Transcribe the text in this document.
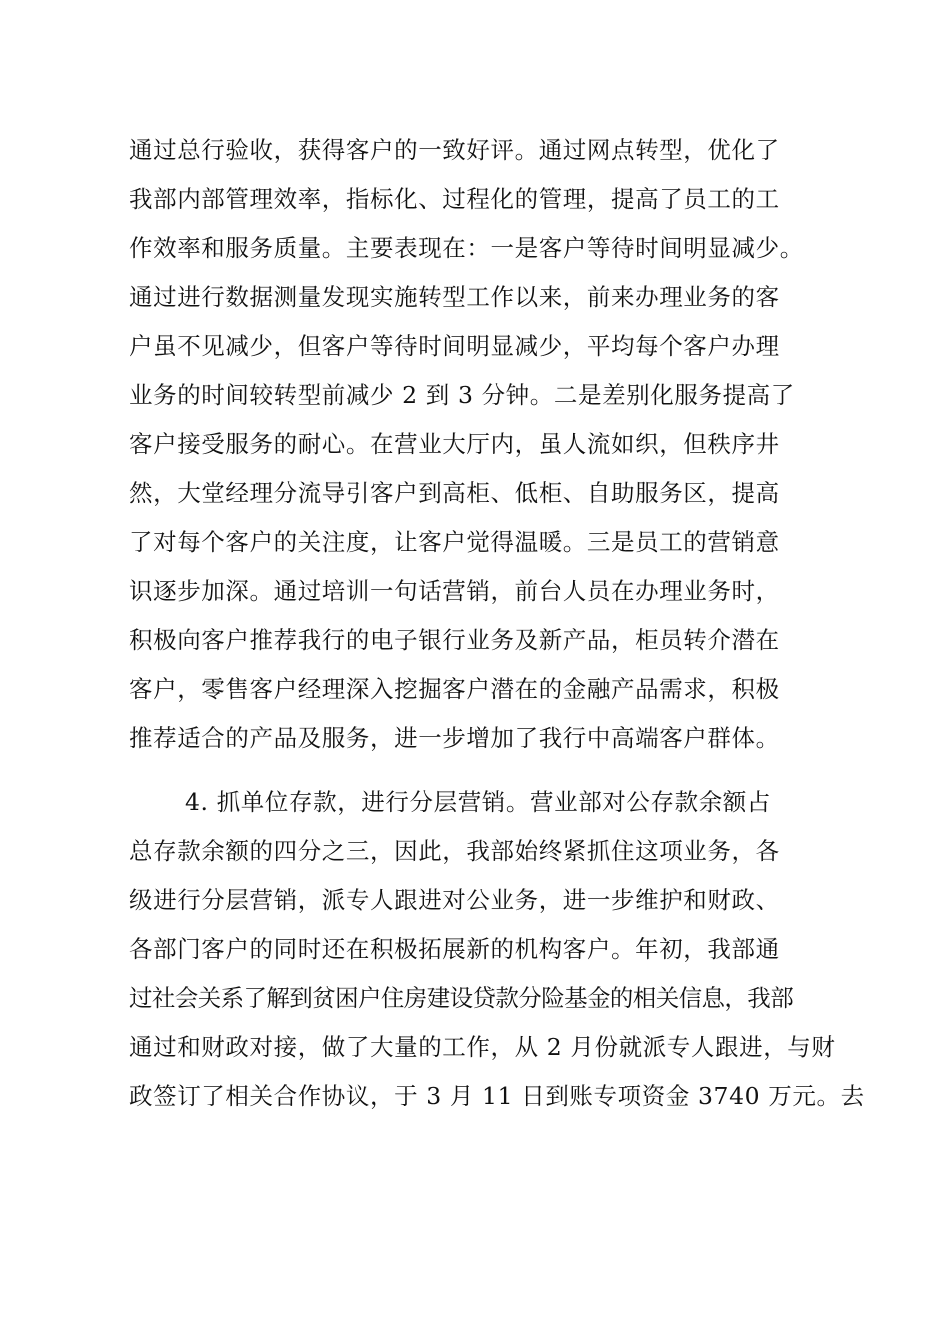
通过总行验收，获得客户的一致好评。通过网点转型，优化了
我部内部管理效率，指标化、过程化的管理，提高了员工的工
作效率和服务质量。主要表现在：一是客户等待时间明显减少。
通过进行数据测量发现实施转型工作以来，前来办理业务的客
户虽不见减少，但客户等待时间明显减少，平均每个客户办理
业务的时间较转型前减少 2 到 3 分钟。二是差别化服务提高了
客户接受服务的耐心。在营业大厅内，虽人流如织，但秩序井
然，大堂经理分流导引客户到高柜、低柜、自助服务区，提高
了对每个客户的关注度，让客户觉得温暖。三是员工的营销意
识逐步加深。通过培训一句话营销，前台人员在办理业务时，
积极向客户推荐我行的电子银行业务及新产品，柜员转介潜在
客户，零售客户经理深入挖掘客户潜在的金融产品需求，积极
推荐适合的产品及服务，进一步增加了我行中高端客户群体。
4. 抓单位存款，进行分层营销。营业部对公存款余额占
总存款余额的四分之三，因此，我部始终紧抓住这项业务，各
级进行分层营销，派专人跟进对公业务，进一步维护和财政、
各部门客户的同时还在积极拓展新的机构客户。年初，我部通
过社会关系了解到贫困户住房建设贷款分险基金的相关信息，我部
通过和财政对接，做了大量的工作，从 2 月份就派专人跟进，与财
政签订了相关合作协议，于 3 月 11 日到账专项资金 3740 万元。去
